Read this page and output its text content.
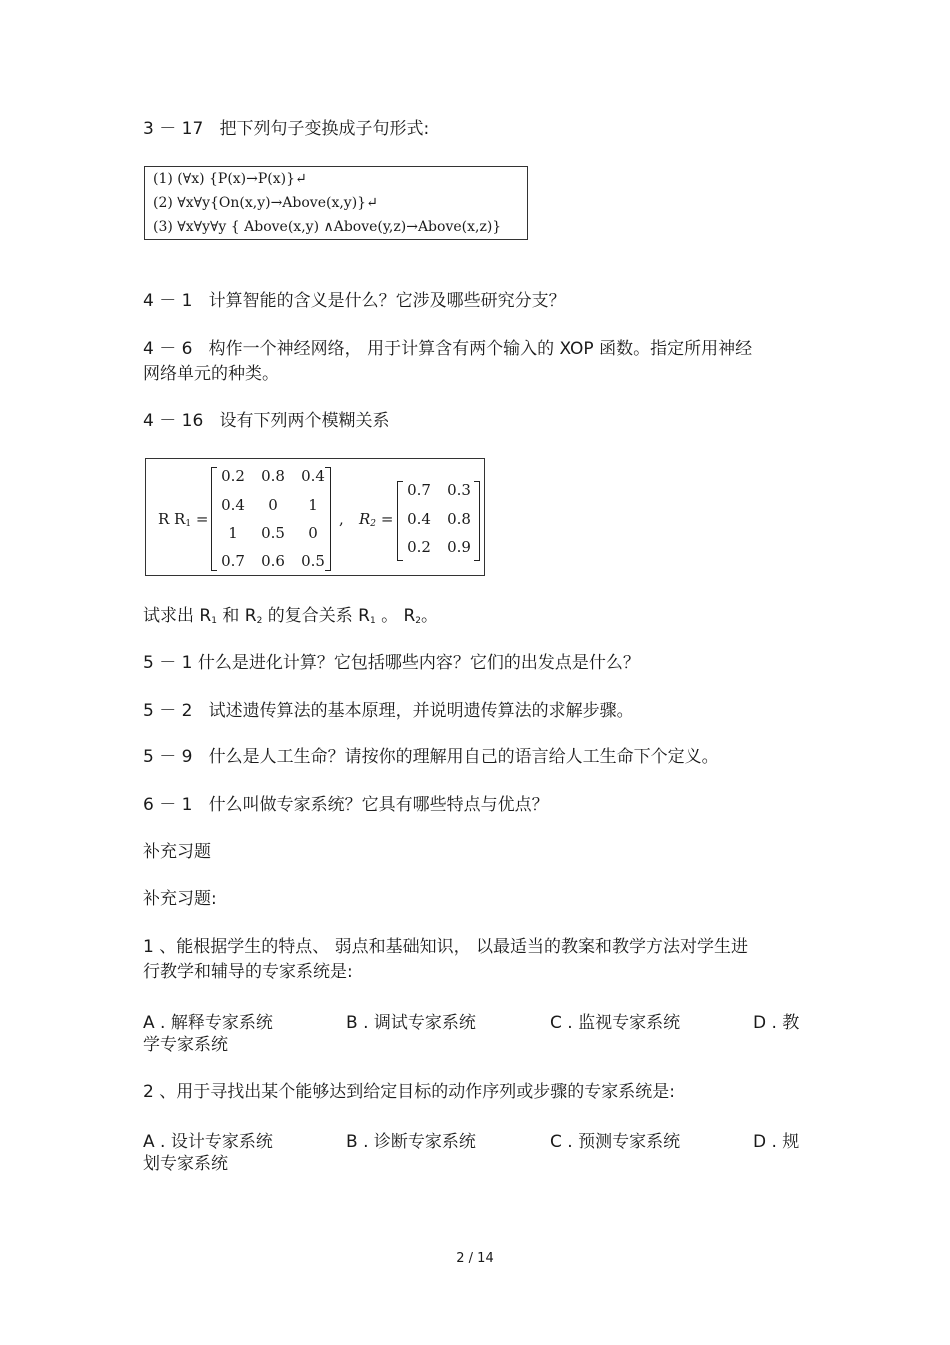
3 － 17 把下列句子变换成子句形式:
(1) (∀x) {P(x)→P(x)}↵
(2) ∀x∀y{On(x,y)→Above(x,y)}↵
(3) ∀x∀y∀y { Above(x,y) ∧Above(y,z)→Above(x,z)}
4 － 1 计算智能的含义是什么？它涉及哪些研究分支？
4 － 6 构作一个神经网络， 用于计算含有两个输入的 XOP 函数。指定所用神经
网络单元的种类。
4 － 16 设有下列两个模糊关系
R $R_1$ =
0.2	0.8	0.4
0.4	0	1
1	0.5	0
0.7	0.6	0.5
, $R_2$ =
0.7	0.3
0.4	0.8
0.2	0.9
试求出 $R_1$ 和 $R_2$ 的复合关系 $R_1$ 。 $R_2$。
5 － 1 什么是进化计算？它包括哪些内容？它们的出发点是什么？
5 － 2 试述遗传算法的基本原理，并说明遗传算法的求解步骤。
5 － 9 什么是人工生命？请按你的理解用自己的语言给人工生命下个定义。
6 － 1 什么叫做专家系统？它具有哪些特点与优点？
补充习题
补充习题:
1 、能根据学生的特点、 弱点和基础知识， 以最适当的教案和教学方法对学生进
行教学和辅导的专家系统是:
A . 解释专家系统	B . 调试专家系统	C . 监视专家系统	D . 教
学专家系统
2 、用于寻找出某个能够达到给定目标的动作序列或步骤的专家系统是:
A . 设计专家系统	B . 诊断专家系统	C . 预测专家系统	D . 规
划专家系统
2 / 14
